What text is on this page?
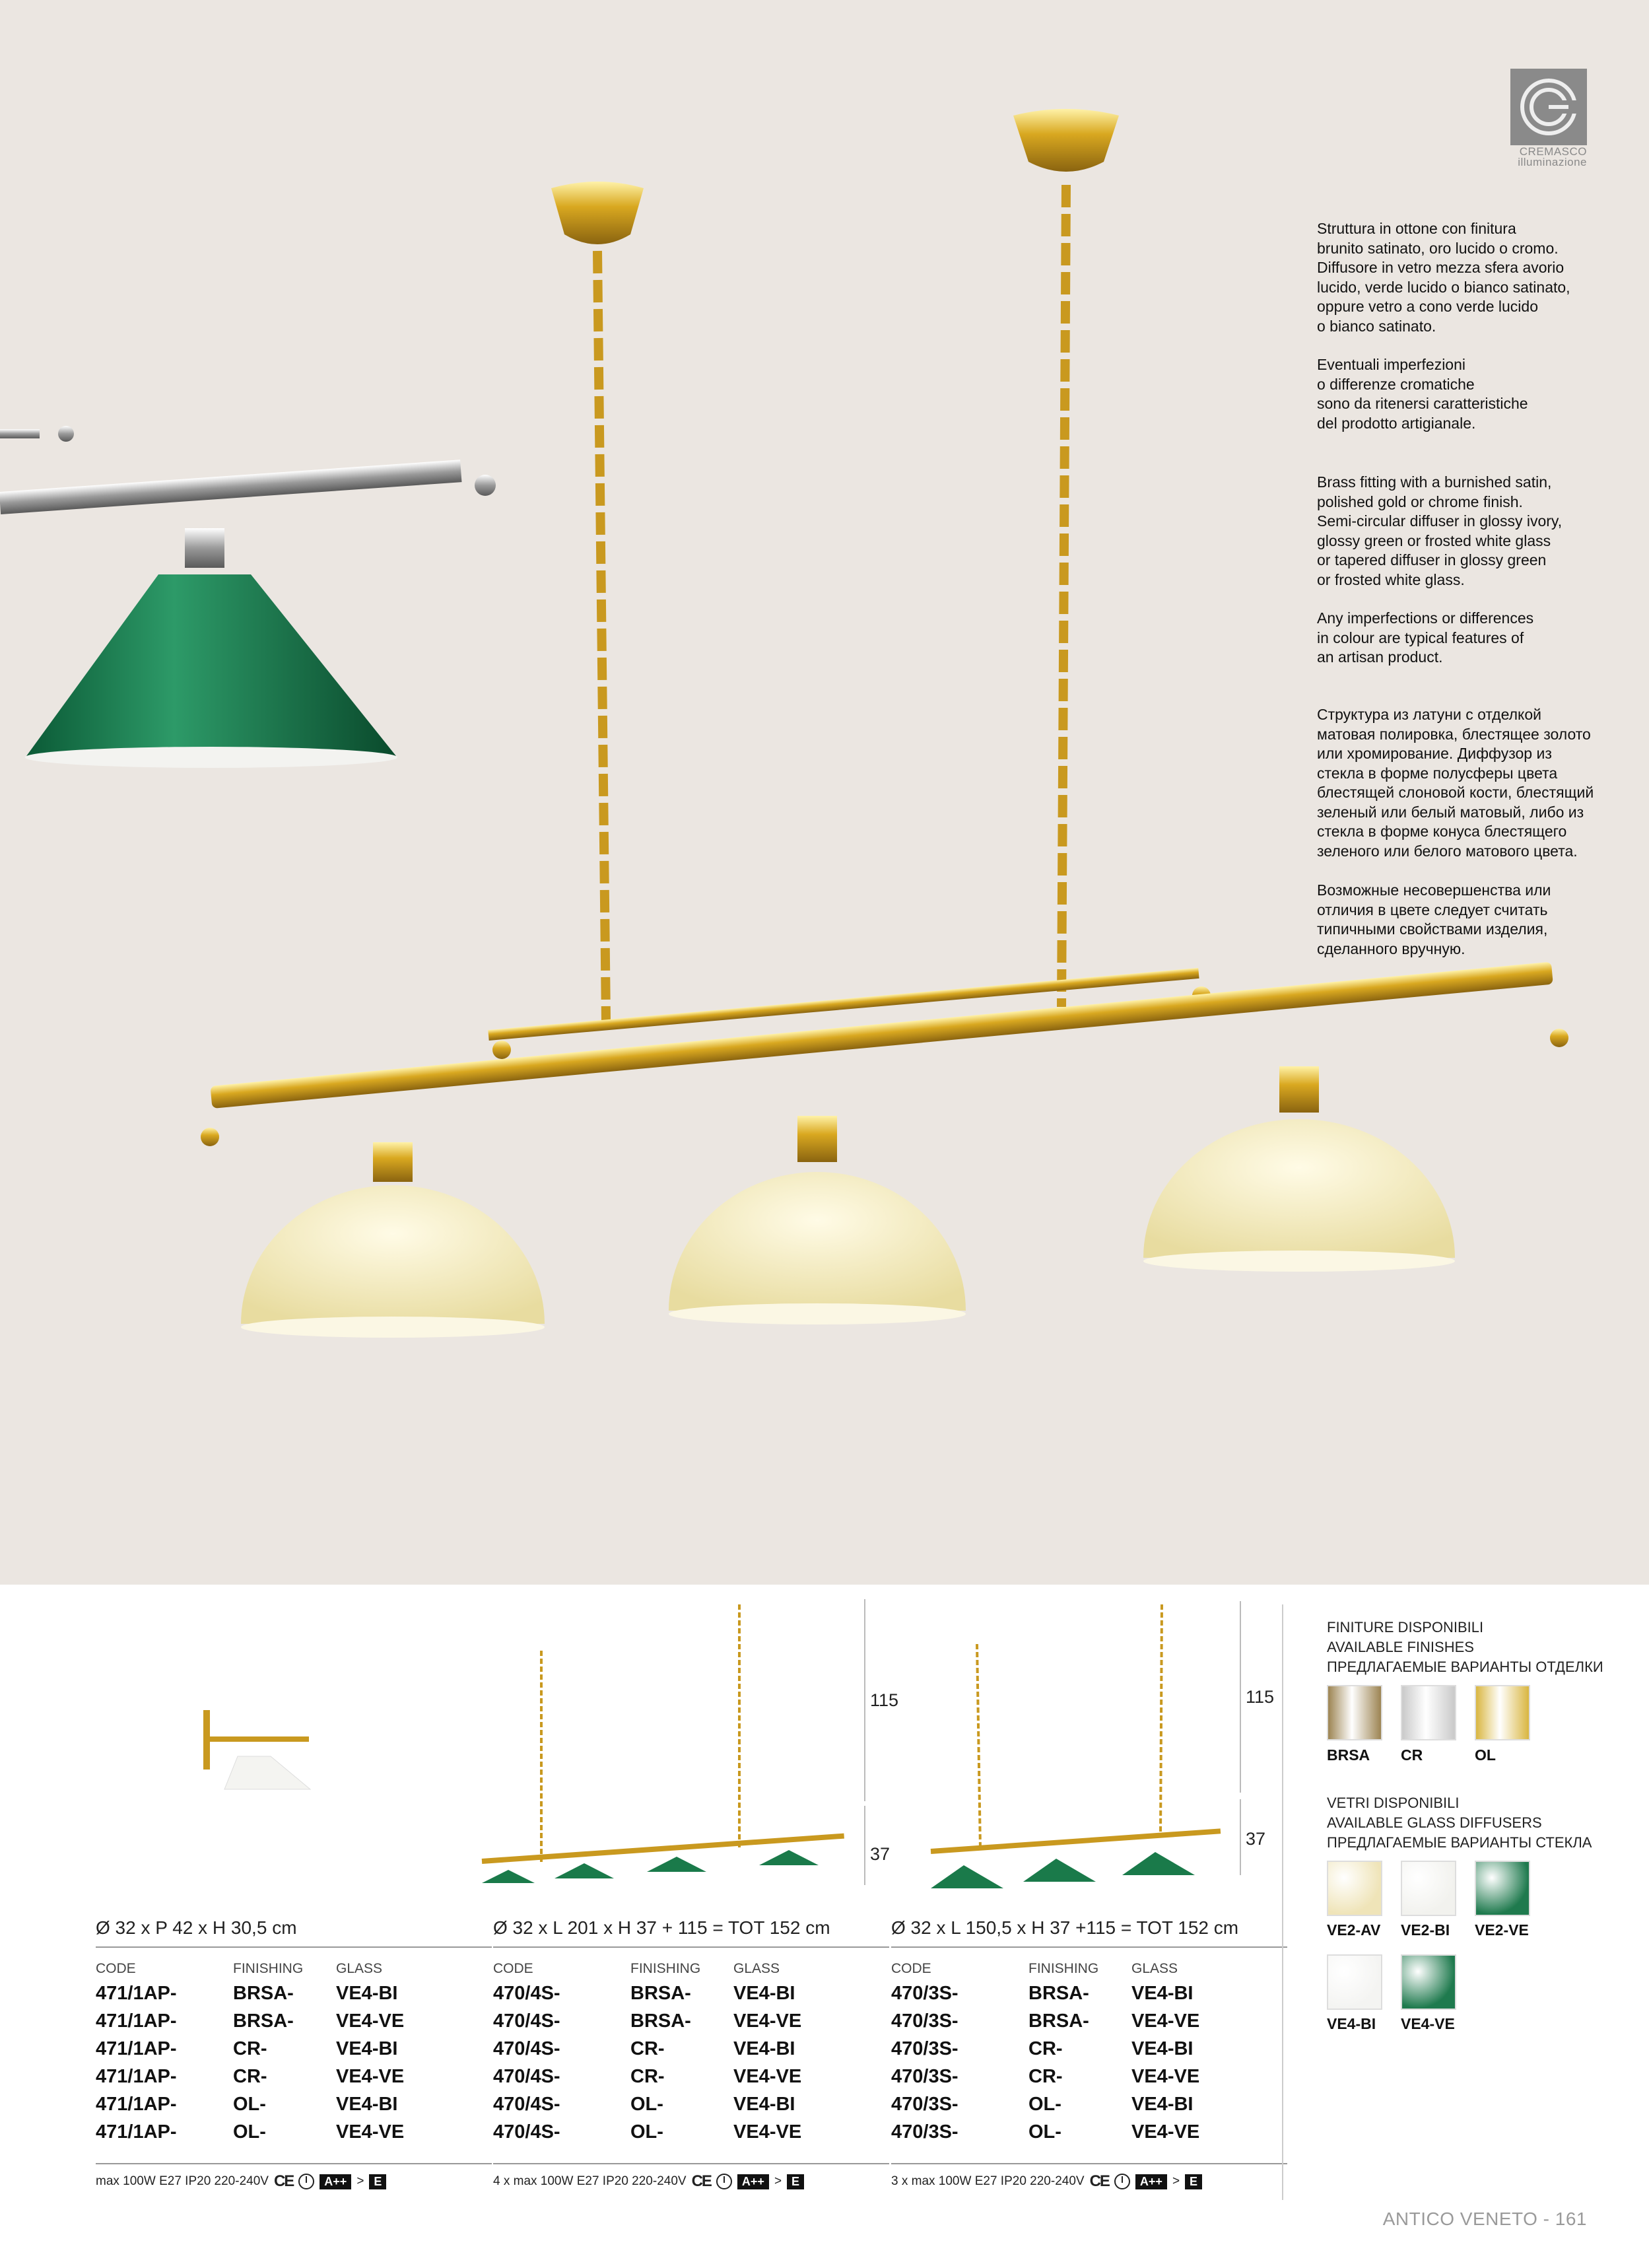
CREMASCO
illuminazione
Struttura in ottone con finitura
brunito satinato, oro lucido o cromo.
Diffusore in vetro mezza sfera avorio
lucido, verde lucido o bianco satinato,
oppure vetro a cono verde lucido
o bianco satinato.
Eventuali imperfezioni
o differenze cromatiche
sono da ritenersi caratteristiche
del prodotto artigianale.
Brass fitting with a burnished satin,
polished gold or chrome finish.
Semi-circular diffuser in glossy ivory,
glossy green or frosted white glass
or tapered diffuser in glossy green
or frosted white glass.
Any imperfections or differences
in colour are typical features of
an artisan product.
Структура из латуни с отделкой
матовая полировка, блестящее золото
или хромирование. Диффузор из
стекла в форме полусферы цвета
блестящей слоновой кости, блестящий
зеленый или белый матовый, либо из
стекла в форме конуса блестящего
зеленого или белого матового цвета.
Возможные несовершенства или
отличия в цвете следует считать
типичными свойствами изделия,
сделанного вручную.
115
37
115
37
Ø 32 x P 42 x H 30,5 cm
CODE	FINISHING	GLASS
471/1AP-	BRSA-	VE4-BI
471/1AP-	BRSA-	VE4-VE
471/1AP-	CR-	VE4-BI
471/1AP-	CR-	VE4-VE
471/1AP-	OL-	VE4-BI
471/1AP-	OL-	VE4-VE
Ø 32 x L 201 x H 37 + 115 = TOT 152 cm
CODE	FINISHING	GLASS
470/4S-	BRSA-	VE4-BI
470/4S-	BRSA-	VE4-VE
470/4S-	CR-	VE4-BI
470/4S-	CR-	VE4-VE
470/4S-	OL-	VE4-BI
470/4S-	OL-	VE4-VE
Ø 32 x L 150,5 x H 37 +115 = TOT 152 cm
CODE	FINISHING	GLASS
470/3S-	BRSA-	VE4-BI
470/3S-	BRSA-	VE4-VE
470/3S-	CR-	VE4-BI
470/3S-	CR-	VE4-VE
470/3S-	OL-	VE4-BI
470/3S-	OL-	VE4-VE
max 100W E27 IP20 220-240V CE	A++ > E	4 x max 100W E27 IP20 220-240V CE	A++ > E	3 x max 100W E27 IP20 220-240V CE	A++ > E
FINITURE DISPONIBILI
AVAILABLE FINISHES
ПРЕДЛАГАЕМЫЕ ВАРИАНТЫ ОТДЕЛКИ
BRSA CR	OL
VETRI DISPONIBILI
AVAILABLE GLASS DIFFUSERS
ПРЕДЛАГАЕМЫЕ ВАРИАНТЫ СТЕКЛА
VE2-AV VE2-BI VE2-VE
VE4-BI VE4-VE
ANTICO VENETO - 161
